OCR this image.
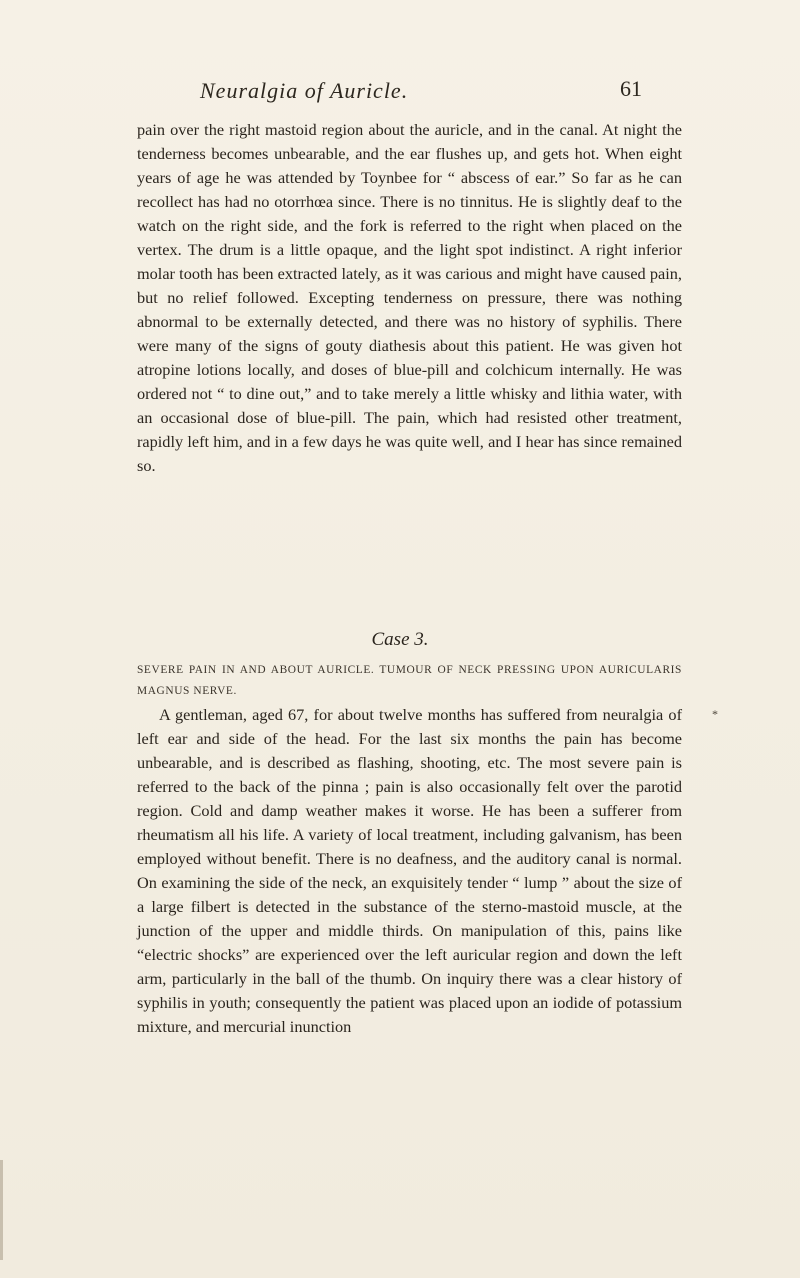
Neuralgia of Auricle.	61
pain over the right mastoid region about the auricle, and in the canal. At night the tenderness becomes unbearable, and the ear flushes up, and gets hot. When eight years of age he was attended by Toynbee for “ abscess of ear.” So far as he can recollect has had no otorrhœa since. There is no tinnitus. He is slightly deaf to the watch on the right side, and the fork is referred to the right when placed on the vertex. The drum is a little opaque, and the light spot indistinct. A right inferior molar tooth has been extracted lately, as it was carious and might have caused pain, but no relief followed. Excepting tenderness on pressure, there was nothing abnormal to be externally detected, and there was no history of syphilis. There were many of the signs of gouty diathesis about this patient. He was given hot atropine lotions locally, and doses of blue-pill and colchicum internally. He was ordered not “ to dine out,” and to take merely a little whisky and lithia water, with an occasional dose of blue-pill. The pain, which had resisted other treatment, rapidly left him, and in a few days he was quite well, and I hear has since remained so.
Case 3.
SEVERE PAIN IN AND ABOUT AURICLE. TUMOUR OF NECK PRESSING UPON AURICULARIS MAGNUS NERVE.
A gentleman, aged 67, for about twelve months has suffered from neuralgia of left ear and side of the head. For the last six months the pain has become unbearable, and is described as flashing, shooting, etc. The most severe pain is referred to the back of the pinna ; pain is also occasionally felt over the parotid region. Cold and damp weather makes it worse. He has been a sufferer from rheumatism all his life. A variety of local treatment, including galvanism, has been employed without benefit. There is no deafness, and the auditory canal is normal. On examining the side of the neck, an exquisitely tender “ lump ” about the size of a large filbert is detected in the substance of the sterno-mastoid muscle, at the junction of the upper and middle thirds. On manipulation of this, pains like “electric shocks” are experienced over the left auricular region and down the left arm, particularly in the ball of the thumb. On inquiry there was a clear history of syphilis in youth; consequently the patient was placed upon an iodide of potassium mixture, and mercurial inunction
*
